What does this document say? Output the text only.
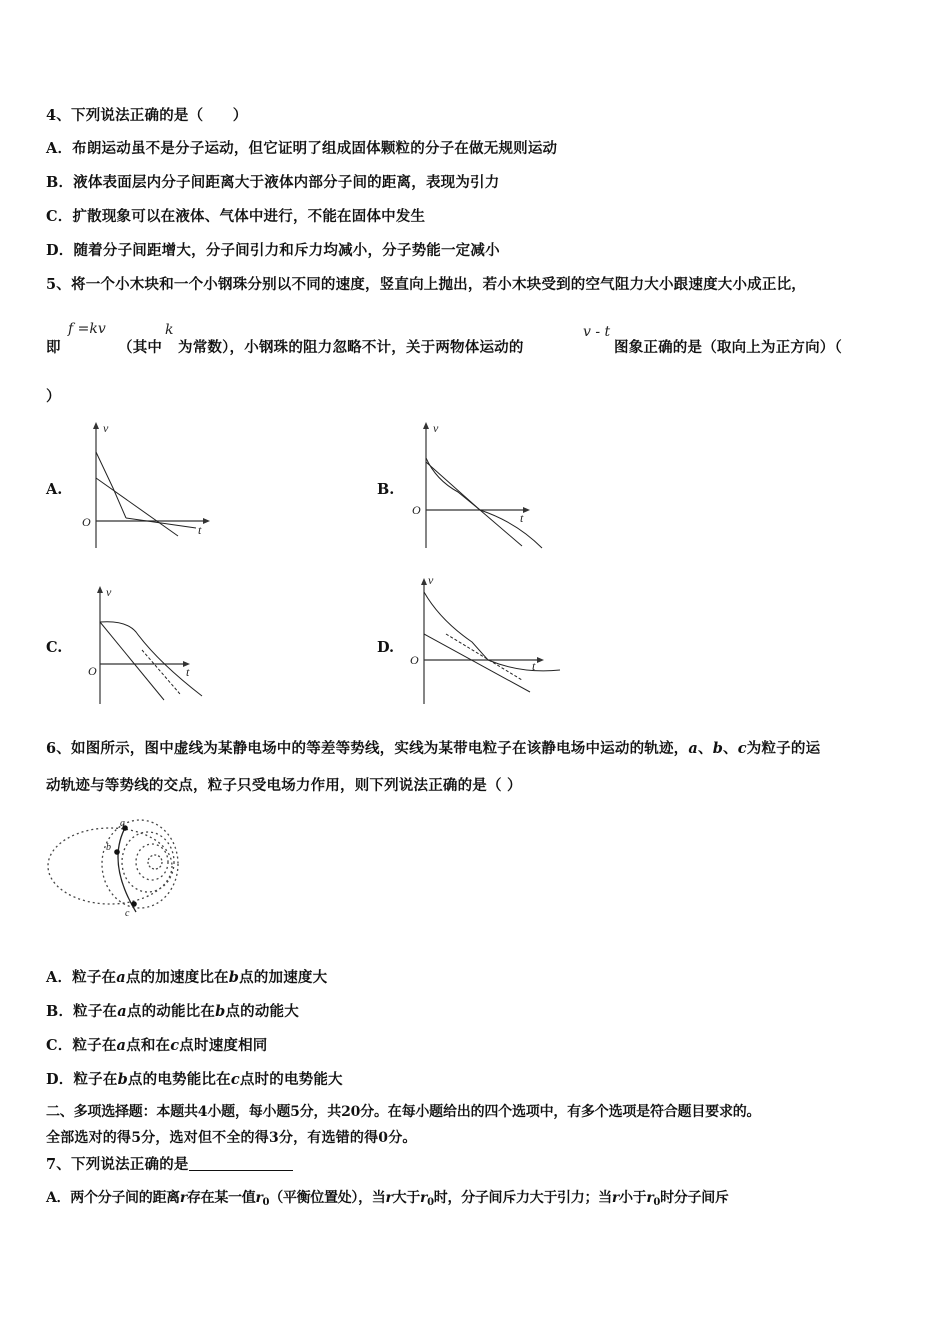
4、下列说法正确的是（　　）
A．布朗运动虽不是分子运动，但它证明了组成固体颗粒的分子在做无规则运动
B．液体表面层内分子间距离大于液体内部分子间的距离，表现为引力
C．扩散现象可以在液体、气体中进行，不能在固体中发生
D．随着分子间距增大，分子间引力和斥力均减小，分子势能一定减小
5、将一个小木块和一个小钢珠分别以不同的速度，竖直向上抛出，若小木块受到的空气阻力大小跟速度大小成正比，
即
f =kv
（其中
k
为常数），小钢珠的阻力忽略不计，关于两物体运动的
v - t
图象正确的是（取向上为正方向）（
）
A.
v
t
O
B.
v
t
O
C.
v
t
O
D.
v
t
O
6、如图所示，图中虚线为某静电场中的等差等势线，实线为某带电粒子在该静电场中运动的轨迹，a、b、c为粒子的运
动轨迹与等势线的交点，粒子只受电场力作用，则下列说法正确的是（ ）
a
b
c
A．粒子在a点的加速度比在b点的加速度大
B．粒子在a点的动能比在b点的动能大
C．粒子在a点和在c点时速度相同
D．粒子在b点的电势能比在c点时的电势能大
二、多项选择题：本题共4小题，每小题5分，共20分。在每小题给出的四个选项中，有多个选项是符合题目要求的。
全部选对的得5分，选对但不全的得3分，有选错的得0分。
7、下列说法正确的是
A．两个分子间的距离r存在某一值$r_0$（平衡位置处），当r大于$r_0$时，分子间斥力大于引力；当r小于$r_0$时分子间斥
